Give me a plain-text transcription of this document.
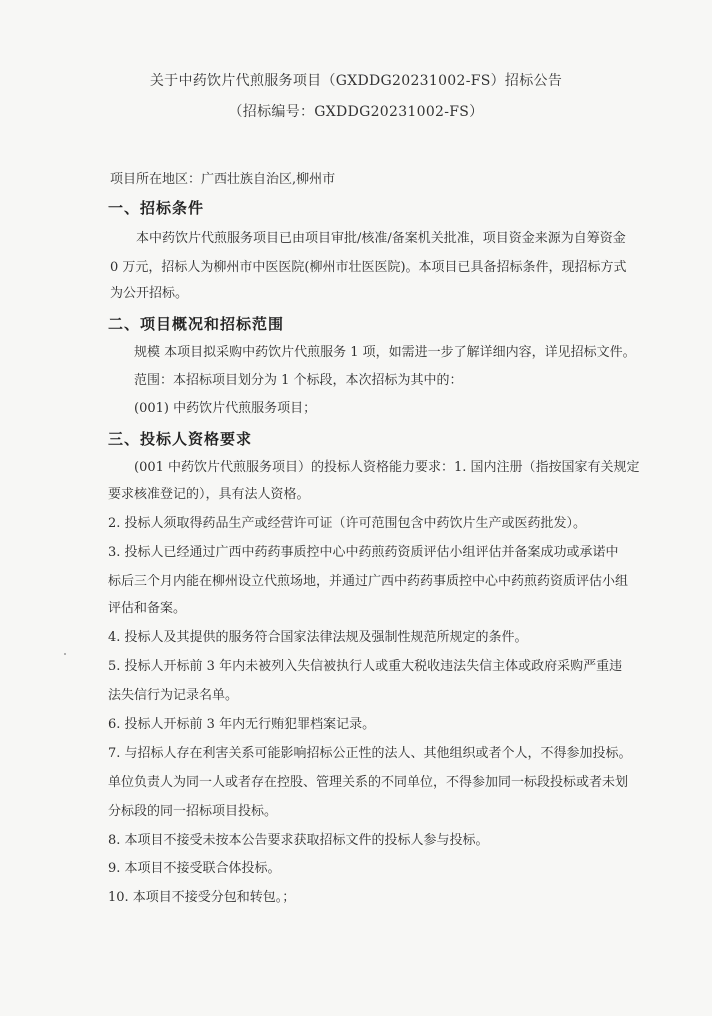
关于中药饮片代煎服务项目（GXDDG20231002-FS）招标公告
（招标编号：GXDDG20231002-FS）
项目所在地区：广西壮族自治区,柳州市
一、招标条件
本中药饮片代煎服务项目已由项目审批/核准/备案机关批准，项目资金来源为自筹资金
0 万元，招标人为柳州市中医医院(柳州市壮医医院)。本项目已具备招标条件，现招标方式
为公开招标。
二、项目概况和招标范围
规模 本项目拟采购中药饮片代煎服务 1 项，如需进一步了解详细内容，详见招标文件。
范围：本招标项目划分为 1 个标段，本次招标为其中的：
(001) 中药饮片代煎服务项目；
三、投标人资格要求
(001 中药饮片代煎服务项目）的投标人资格能力要求：1. 国内注册（指按国家有关规定
要求核准登记的），具有法人资格。
2. 投标人须取得药品生产或经营许可证（许可范围包含中药饮片生产或医药批发）。
3. 投标人已经通过广西中药药事质控中心中药煎药资质评估小组评估并备案成功或承诺中
标后三个月内能在柳州设立代煎场地，并通过广西中药药事质控中心中药煎药资质评估小组
评估和备案。
4. 投标人及其提供的服务符合国家法律法规及强制性规范所规定的条件。
5. 投标人开标前 3 年内未被列入失信被执行人或重大税收违法失信主体或政府采购严重违
法失信行为记录名单。
6. 投标人开标前 3 年内无行贿犯罪档案记录。
7. 与招标人存在利害关系可能影响招标公正性的法人、其他组织或者个人，不得参加投标。
单位负责人为同一人或者存在控股、管理关系的不同单位，不得参加同一标段投标或者未划
分标段的同一招标项目投标。
8. 本项目不接受未按本公告要求获取招标文件的投标人参与投标。
9. 本项目不接受联合体投标。
10. 本项目不接受分包和转包。；
